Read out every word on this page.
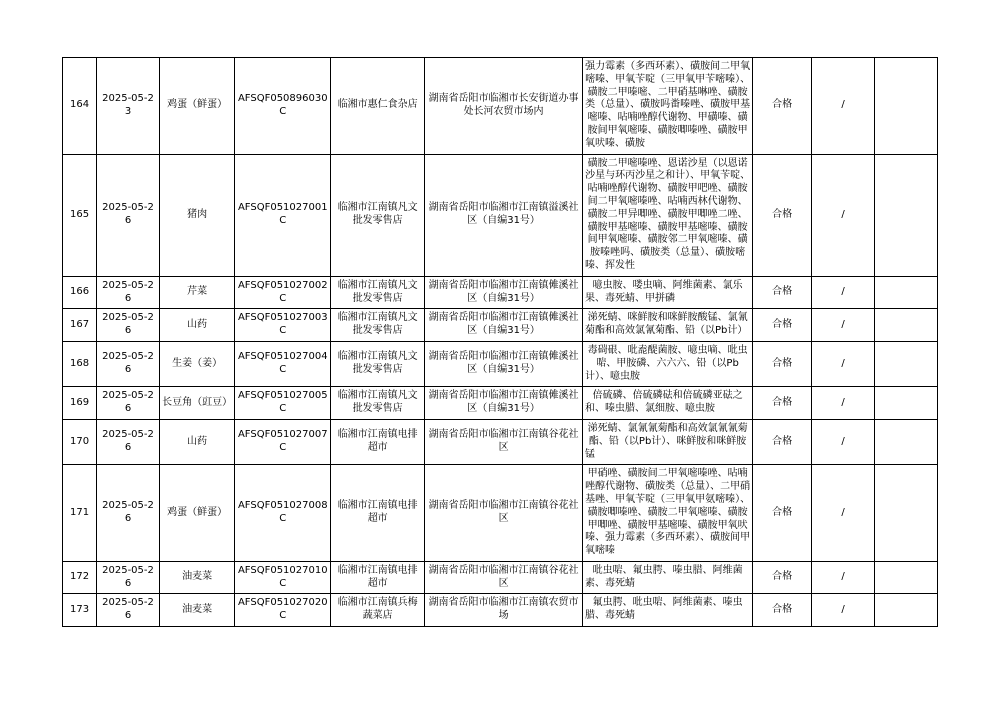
164	2025-05-23	鸡蛋（鲜蛋）	AFSQF050896030C	临湘市惠仁食杂店	湖南省岳阳市临湘市长安街道办事处长河农贸市场内	强力霉素（多西环素）、磺胺间二甲氧嘧嗪、甲氧苄啶（三甲氧甲苄嘧嗪）、磺胺二甲嗪嘧、二甲硝基啉唑、磺胺类（总量）、磺胺吗畨嗪唑、磺胺甲基嘧嗪、呫喃唑醇代谢物、甲磺嗪、磺胺间甲氧嘧嗪、磺胺唧嗪唑、磺胺甲氧吠嗪、磺胺	合格	/	
165	2025-05-26	猪肉	AFSQF051027001C	临湘市江南镇凡文批发零售店	湖南省岳阳市临湘市江南镇溢溪社区（自编31号）	磺胺二甲嘧嗪唑、恩诺沙星（以恩诺沙星与环丙沙星之和计）、甲氧苄啶、呫喃唑醇代谢物、磺胺甲吧唑、磺胺间二甲氧嘧嗪唑、呫喃西林代谢物、磺胺二甲异唧唑、磺胺甲唧唑二唑、磺胺甲基嘧嗪、磺胺甲基嘧嗪、磺胺间甲氧嘧嗪、磺胺邻二甲氧嘧嗪、磺胺嗪唑吗、磺胺类（总量）、磺胺嘧嗪、挥发性	合格	/	
166	2025-05-26	芹菜	AFSQF051027002C	临湘市江南镇凡文批发零售店	湖南省岳阳市临湘市江南镇傩溪社区（自编31号）	噫虫胺、喽虫嘀、阿维菌素、氯乐果、毒死蜻、甲拼磷	合格	/	
167	2025-05-26	山药	AFSQF051027003C	临湘市江南镇凡文批发零售店	湖南省岳阳市临湘市江南镇傩溪社区（自编31号）	涕死蜻、咪鲜胺和咪鲜胺酸锰、氯氰菊酯和高效氯氰菊酯、铅（以Pb计）	合格	/	
168	2025-05-26	生姜（姜）	AFSQF051027004C	临湘市江南镇凡文批发零售店	湖南省岳阳市临湘市江南镇傩溪社区（自编31号）	毒碋硍、吡唟醍菌胺、噫虫嘀、吡虫啱、甲胺磷、六六六、铅（以Pb计）、噫虫胺	合格	/	
169	2025-05-26	长豆角（豇豆）	AFSQF051027005C	临湘市江南镇凡文批发零售店	湖南省岳阳市临湘市江南镇傩溪社区（自编31号）	倍硫磷、倍硫磷砝和倍硫磷亚砝之和、嗪虫腊、氯细胺、噫虫胺	合格	/	
170	2025-05-26	山药	AFSQF051027007C	临湘市江南镇电排超市	湖南省岳阳市临湘市江南镇谷花社区	涕死蜻、氯氰氰菊酯和高效氯氰氰菊酯、铅（以Pb计）、咪鲜胺和咪鲜胺锰	合格	/	
171	2025-05-26	鸡蛋（鲜蛋）	AFSQF051027008C	临湘市江南镇电排超市	湖南省岳阳市临湘市江南镇谷花社区	甲硝唑、磺胺间二甲氧嘧嗪唑、呫喃唑醇代谢物、磺胺类（总量）、二甲硝基唑、甲氧苄啶（三甲氧甲氨嘧嗪）、磺胺唧嗪唑、磺胺二甲氧嘧嗪、磺胺甲唧唑、磺胺甲基嘧嗪、磺胺甲氧吠嗪、强力霉素（多西环素）、磺胺间甲氧嘧嗪	合格	/	
172	2025-05-26	油麦菜	AFSQF051027010C	临湘市江南镇电排超市	湖南省岳阳市临湘市江南镇谷花社区	吡虫啱、氟虫腭、嗪虫腊、阿维菌素、毒死蜻	合格	/	
173	2025-05-26	油麦菜	AFSQF051027020C	临湘市江南镇兵梅蔬菜店	湖南省岳阳市临湘市江南镇农贸市场	氟虫腭、吡虫啱、阿维菌素、嗪虫腊、毒死蜻	合格	/	
